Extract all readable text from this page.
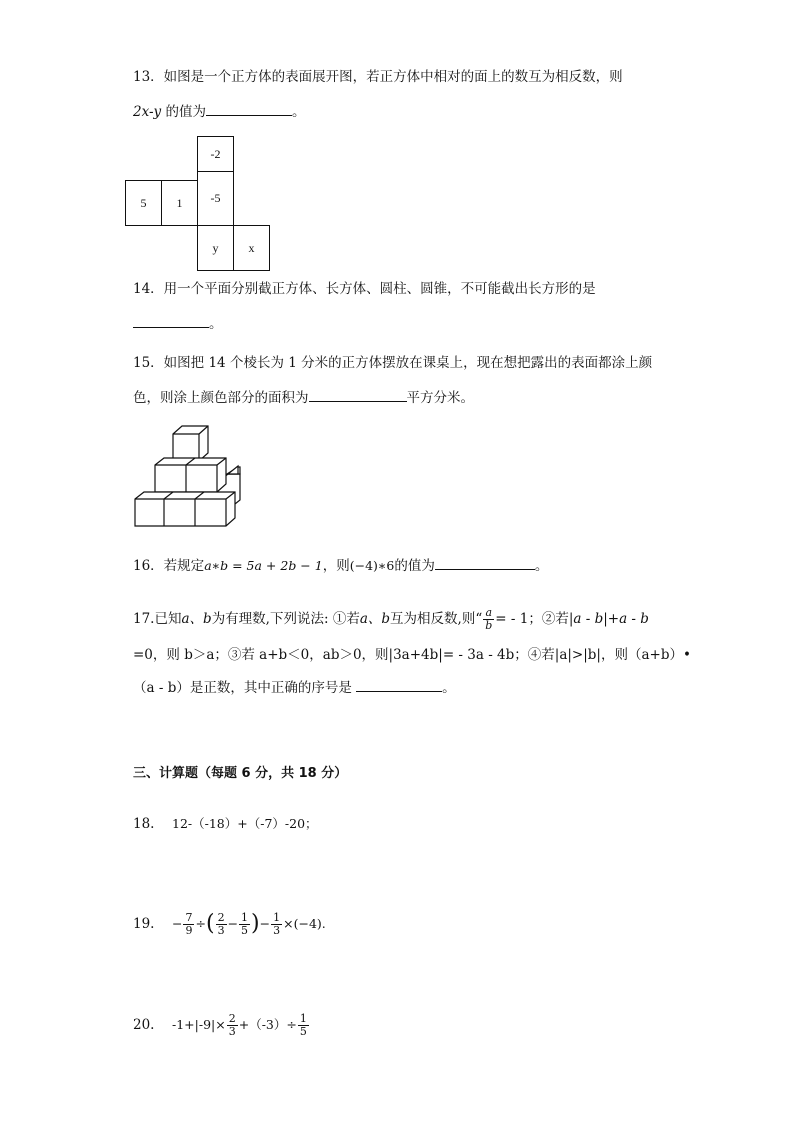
13．如图是一个正方体的表面展开图，若正方体中相对的面上的数互为相反数，则
2x-y 的值为	。
-2
5	1	-5
y	x
14．用一个平面分别截正方体、长方体、圆柱、圆锥，不可能截出长方形的是
。
15．如图把 14 个棱长为 1 分米的正方体摆放在课桌上，现在想把露出的表面都涂上颜
色，则涂上颜色部分的面积为	平方分米。
16．若规定a∗b = 5a + 2b − 1，则(−4)∗6的值为	。
17.已知a、b为有理数,下列说法: ①若a、b互为相反数,则“ $\frac{a}{b}$ = - 1；②若|a - b|+a - b
=0，则 b＞a；③若 a+b＜0，ab＞0，则|3a+4b|= - 3a - 4b；④若|a|>|b|，则（a+b）•
（a - b）是正数，其中正确的序号是	。
三、计算题（每题 6 分，共 18 分）
18. 12-（-18）+（-7）-20；
19. − $\frac{7}{9}$ ÷ ( $\frac{2}{3} - \frac{1}{5}$ ) − $\frac{1}{3} \times(-4)$.
20. $-1+|-9|\times \frac{2}{3} +(-3)\div \frac{1}{5}$
